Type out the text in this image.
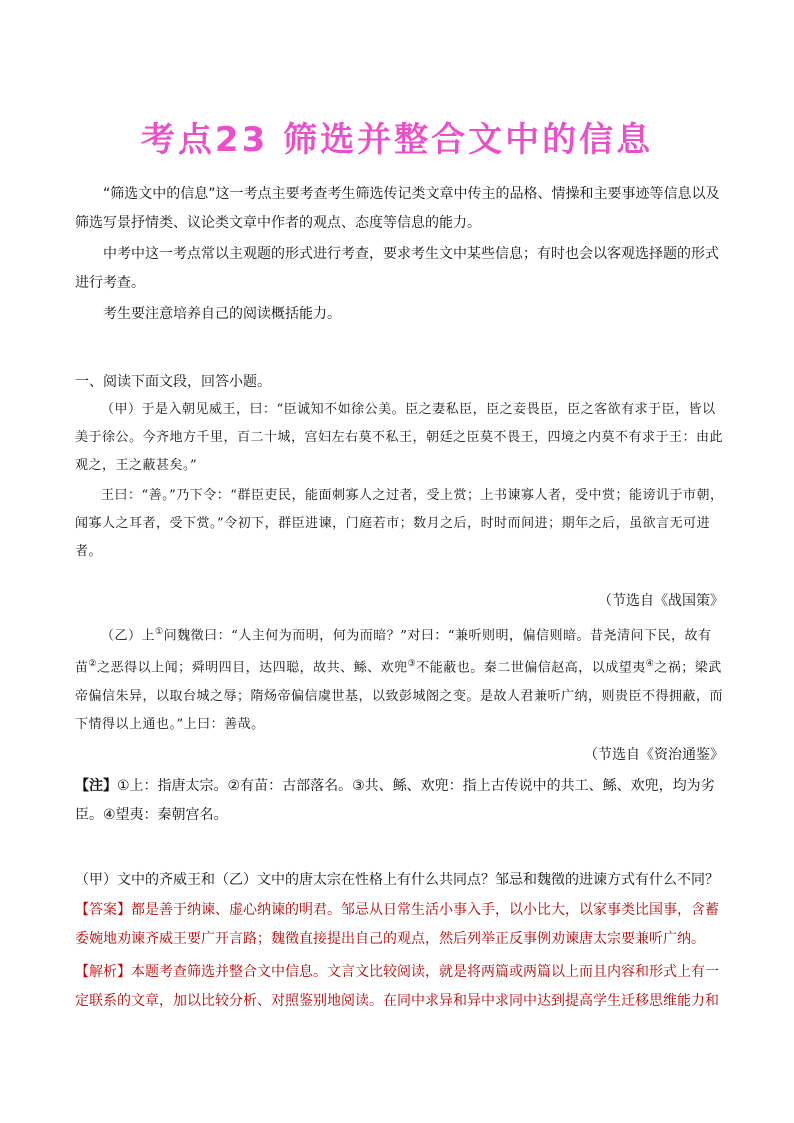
考点23 筛选并整合文中的信息
“筛选文中的信息”这一考点主要考查考生筛选传记类文章中传主的品格、情操和主要事迹等信息以及筛选写景抒情类、议论类文章中作者的观点、态度等信息的能力。
中考中这一考点常以主观题的形式进行考查，要求考生文中某些信息；有时也会以客观选择题的形式进行考查。
考生要注意培养自己的阅读概括能力。
一、阅读下面文段，回答小题。
（甲）于是入朝见威王，曰：“臣诚知不如徐公美。臣之妻私臣，臣之妾畏臣，臣之客欲有求于臣，皆以美于徐公。今齐地方千里，百二十城，宫妇左右莫不私王，朝廷之臣莫不畏王，四境之内莫不有求于王：由此观之，王之蔽甚矣。”
王曰：“善。”乃下令：“群臣吏民，能面刺寡人之过者，受上赏；上书谏寡人者，受中赏；能谤讥于市朝，闻寡人之耳者，受下赏。”令初下，群臣进谏，门庭若市；数月之后，时时而间进；期年之后，虽欲言无可进者。
（节选自《战国策》
（乙）上①问魏徵曰：“人主何为而明，何为而暗？”对曰：“兼听则明，偏信则暗。昔尧清问下民，故有苗②之恶得以上闻；舜明四目，达四聪，故共、鲧、欢兜③不能蔽也。秦二世偏信赵高，以成望夷④之祸；梁武帝偏信朱异，以取台城之辱；隋炀帝偏信虞世基，以致彭城阁之变。是故人君兼听广纳，则贵臣不得拥蔽，而下情得以上通也。”上曰：善哉。
（节选自《资治通鉴》
【注】①上：指唐太宗。②有苗：古部落名。③共、鲧、欢兜：指上古传说中的共工、鲧、欢兜，均为劣臣。④望夷：秦朝宫名。
（甲）文中的齐威王和（乙）文中的唐太宗在性格上有什么共同点？邹忌和魏徵的进谏方式有什么不同？
【答案】都是善于纳谏、虚心纳谏的明君。邹忌从日常生活小事入手，以小比大，以家事类比国事，含蓄委婉地劝谏齐威王要广开言路；魏徵直接提出自己的观点，然后列举正反事例劝谏唐太宗要兼听广纳。
【解析】本题考查筛选并整合文中信息。文言文比较阅读，就是将两篇或两篇以上而且内容和形式上有一定联系的文章，加以比较分析、对照鉴别地阅读。在同中求异和异中求同中达到提高学生迁移思维能力和
